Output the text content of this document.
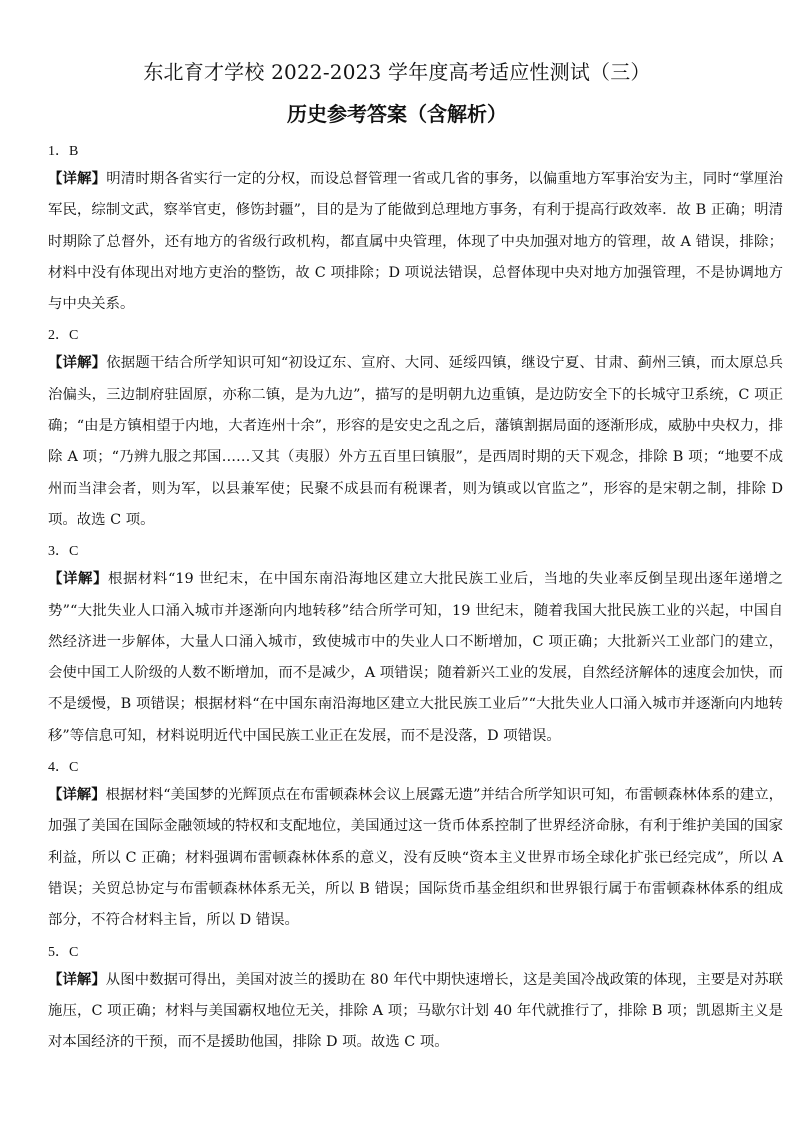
东北育才学校 2022-2023 学年度高考适应性测试（三）
历史参考答案（含解析）
1．B

【详解】明清时期各省实行一定的分权，而设总督管理一省或几省的事务，以偏重地方军事治安为主，同时“掌厘治军民，综制文武，察举官吏，修饬封疆”，目的是为了能做到总理地方事务，有利于提高行政效率．故 B 正确；明清时期除了总督外，还有地方的省级行政机构，都直属中央管理，体现了中央加强对地方的管理，故 A 错误，排除；材料中没有体现出对地方吏治的整饬，故 C 项排除；D 项说法错误，总督体现中央对地方加强管理，不是协调地方与中央关系。

2．C

【详解】依据题干结合所学知识可知“初设辽东、宣府、大同、延绥四镇，继设宁夏、甘肃、蓟州三镇，而太原总兵治偏头，三边制府驻固原，亦称二镇，是为九边”，描写的是明朝九边重镇，是边防安全下的长城守卫系统，C 项正确；“由是方镇相望于内地，大者连州十余”，形容的是安史之乱之后，藩镇割据局面的逐渐形成，威胁中央权力，排除 A 项；“乃辨九服之邦国……又其（夷服）外方五百里曰镇服”，是西周时期的天下观念，排除 B 项；“地要不成州而当津会者，则为军，以县兼军使；民聚不成县而有税课者，则为镇或以官监之”，形容的是宋朝之制，排除 D 项。故选 C 项。

3．C

【详解】根据材料“19 世纪末，在中国东南沿海地区建立大批民族工业后，当地的失业率反倒呈现出逐年递增之势”“大批失业人口涌入城市并逐渐向内地转移”结合所学可知，19 世纪末，随着我国大批民族工业的兴起，中国自然经济进一步解体，大量人口涌入城市，致使城市中的失业人口不断增加，C 项正确；大批新兴工业部门的建立，会使中国工人阶级的人数不断增加，而不是减少，A 项错误；随着新兴工业的发展，自然经济解体的速度会加快，而不是缓慢，B 项错误；根据材料“在中国东南沿海地区建立大批民族工业后”“大批失业人口涌入城市并逐渐向内地转移”等信息可知，材料说明近代中国民族工业正在发展，而不是没落，D 项错误。

4．C

【详解】根据材料“美国梦的光辉顶点在布雷顿森林会议上展露无遗”并结合所学知识可知，布雷顿森林体系的建立，加强了美国在国际金融领域的特权和支配地位，美国通过这一货币体系控制了世界经济命脉，有利于维护美国的国家利益，所以 C 正确；材料强调布雷顿森林体系的意义，没有反映“资本主义世界市场全球化扩张已经完成”，所以 A 错误；关贸总协定与布雷顿森林体系无关，所以 B 错误；国际货币基金组织和世界银行属于布雷顿森林体系的组成部分，不符合材料主旨，所以 D 错误。

5．C

【详解】从图中数据可得出，美国对波兰的援助在 80 年代中期快速增长，这是美国冷战政策的体现，主要是对苏联施压，C 项正确；材料与美国霸权地位无关，排除 A 项；马歇尔计划 40 年代就推行了，排除 B 项；凯恩斯主义是对本国经济的干预，而不是援助他国，排除 D 项。故选 C 项。
